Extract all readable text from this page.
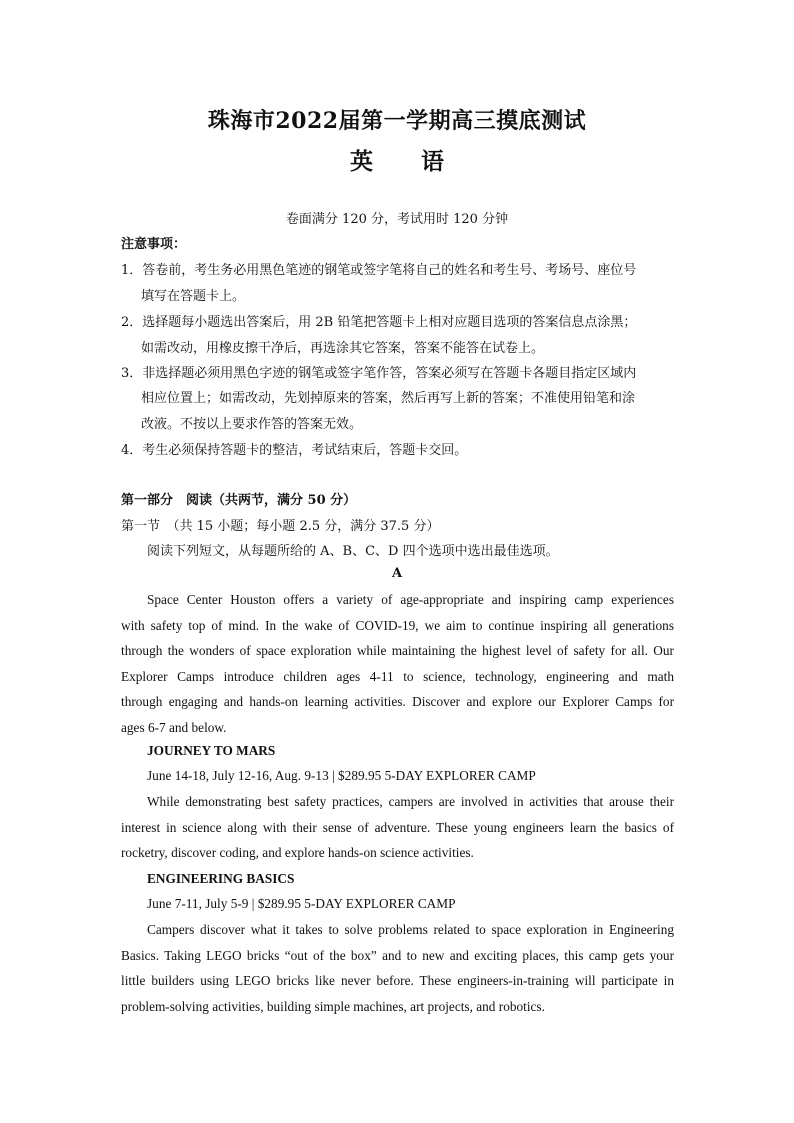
珠海市2022届第一学期高三摸底测试
英 语
卷面满分 120 分，考试用时 120 分钟
注意事项：
1．答卷前，考生务必用黑色笔迹的钢笔或签字笔将自己的姓名和考生号、考场号、座位号
填写在答题卡上。
2．选择题每小题选出答案后，用 2B 铅笔把答题卡上相对应题目选项的答案信息点涂黑；
如需改动，用橡皮擦干净后，再选涂其它答案，答案不能答在试卷上。
3．非选择题必须用黑色字迹的钢笔或签字笔作答，答案必须写在答题卡各题目指定区域内
相应位置上；如需改动，先划掉原来的答案，然后再写上新的答案；不准使用铅笔和涂
改液。不按以上要求作答的答案无效。
4．考生必须保持答题卡的整洁，考试结束后，答题卡交回。
第一部分　阅读（共两节，满分 50 分）
第一节　（共 15 小题；每小题 2.5 分，满分 37.5 分）
阅读下列短文，从每题所给的 A、B、C、D 四个选项中选出最佳选项。
A
Space Center Houston offers a variety of age-appropriate and inspiring camp experiences
with safety top of mind. In the wake of COVID-19, we aim to continue inspiring all generations
through the wonders of space exploration while maintaining the highest level of safety for all. Our
Explorer Camps introduce children ages 4-11 to science, technology, engineering and math
through engaging and hands-on learning activities. Discover and explore our Explorer Camps for
ages 6-7 and below.
JOURNEY TO MARS
June 14-18, July 12-16, Aug. 9-13 | $289.95 5-DAY EXPLORER CAMP
While demonstrating best safety practices, campers are involved in activities that arouse their
interest in science along with their sense of adventure. These young engineers learn the basics of
rocketry, discover coding, and explore hands-on science activities.
ENGINEERING BASICS
June 7-11, July 5-9 | $289.95 5-DAY EXPLORER CAMP
Campers discover what it takes to solve problems related to space exploration in Engineering
Basics. Taking LEGO bricks “out of the box” and to new and exciting places, this camp gets your
little builders using LEGO bricks like never before. These engineers-in-training will participate in
problem-solving activities, building simple machines, art projects, and robotics.
